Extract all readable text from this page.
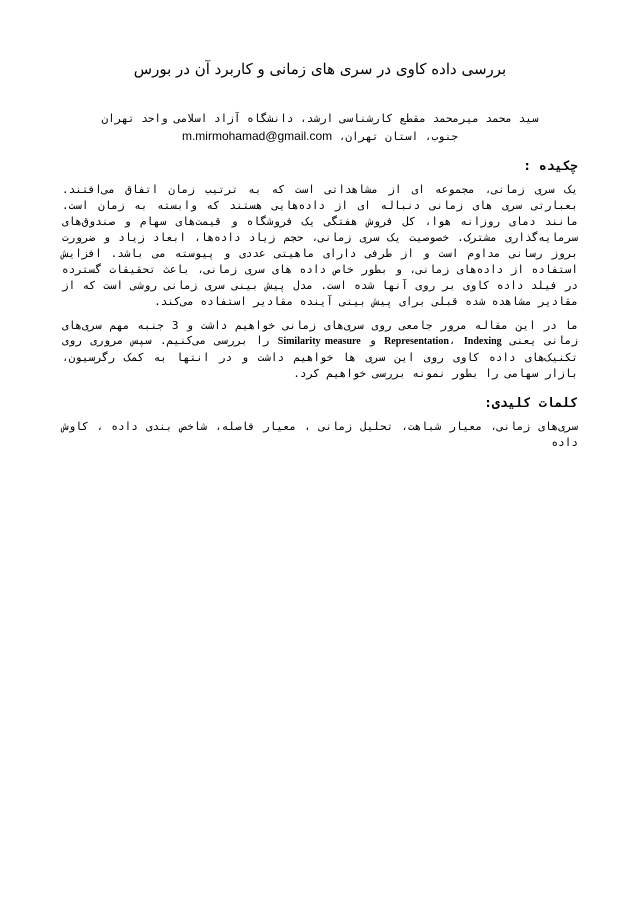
بررسی داده کاوی در سری های زمانی و کاربرد آن در بورس

سید محمد میرمحمد مقطع کارشناسی ارشد، دانشگاه آزاد اسلامی واحد تهران

جنوب، استان تهران، m.mirmohamad@gmail.com

چکیده :

یک سری زمانی، مجموعه ای از مشاهداتی است که به ترتیب زمان اتفاق می‌افتند. بعبارتی سری های زمانی دنباله ای از داده‌هایی هستند که وابسته به زمان است. مانند دمای روزانه هوا، کل فروش هفتگی یک فروشگاه و قیمت‌های سهام و صندوق‌های سرمایه‌گذاری مشترک. خصوصیت یک سری زمانی، حجم زیاد داده‌ها، ابعاد زیاد و ضرورت بروز رسانی مداوم است و از طرفی دارای ماهیتی عددی و پیوسته می باشد. افزایش استفاده از داده‌های زمانی، و بطور خاص داده های سری زمانی، باعث تحقیقات گسترده در فیلد داده کاوی بر روی آنها شده است. مدل پیش بینی سری زمانی روشی است که از مقادیر مشاهده شده قبلی برای پیش بینی آینده مقادیر استفاده می‌کند.

ما در این مقاله مرور جامعی روی سری‌های زمانی خواهیم داشت و 3 جنبه مهم سری‌های زمانی یعنی Representation، Indexing و Similarity measure را بررسی می‌کنیم. سپس مروری روی تکنیک‌های داده کاوی روی این سری ها خواهیم داشت و در انتها به کمک رگرسیون، بازار سهامی را بطور نمونه بررسی خواهیم کرد.

کلمات کلیدی:

سری‌های زمانی، معیار شباهت، تحلیل زمانی ، معیار فاصله، شاخص بندی داده ، کاوش داده
